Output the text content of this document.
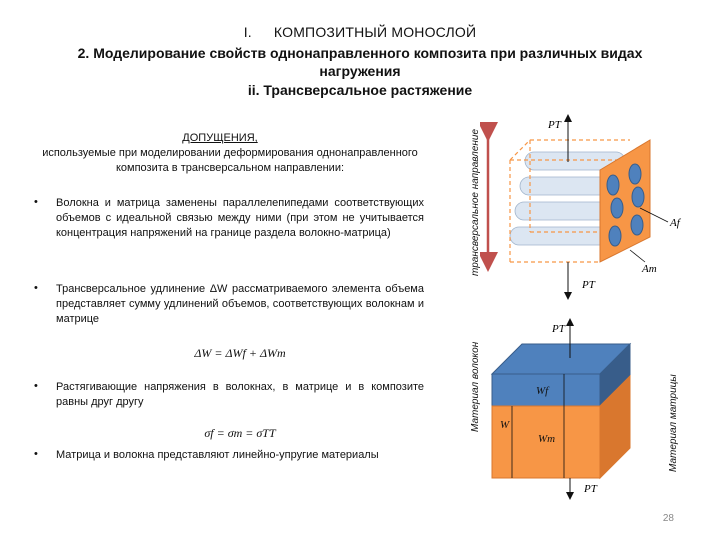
I. КОМПОЗИТНЫЙ МОНОСЛОЙ
2. Моделирование свойств однонаправленного композита при различных видах нагружения
ii. Трансверсальное растяжение
ДОПУЩЕНИЯ,
используемые при моделировании деформирования однонаправленного композита в трансверсальном направлении:
• Волокна и матрица заменены параллелепипедами соответствующих объемов с идеальной связью между ними (при этом не учитывается концентрация напряжений на границе раздела волокно-матрица)
• Трансверсальное удлинение ΔW рассматриваемого элемента объема представляет сумму удлинений объемов, соответствующих волокнам и матрице
ΔW = ΔWf + ΔWm
• Растягивающие напряжения в волокнах, в матрице и в композите равны друг другу
σf = σm = σTT
• Матрица и волокна представляют линейно-упругие материалы
трансверсальное направление
Материал волокон	Материал матрицы
PT
PT
Af
Am
PT
PT
Wf
W
Wm
28
